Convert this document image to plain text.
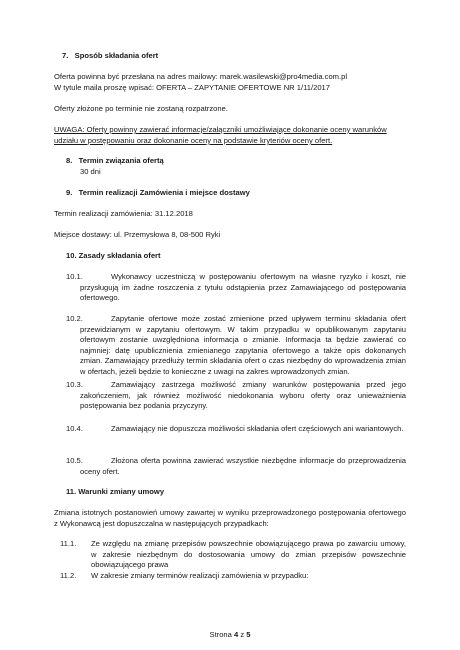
7.   Sposób składania ofert
Oferta powinna być przesłana na adres mailowy: marek.wasilewski@pro4media.com.pl
W tytule maila proszę wpisać: OFERTA – ZAPYTANIE OFERTOWE NR 1/11/2017
Oferty złożone po terminie nie zostaną rozpatrzone.
UWAGA: Oferty powinny zawierać informacje/załączniki umożliwiające dokonanie oceny warunków
udziału w postępowaniu oraz dokonanie oceny na podstawie kryteriów oceny ofert.
8.   Termin związania ofertą
30 dni
9.   Termin realizacji Zamówienia i miejsce dostawy
Termin realizacji zamówienia: 31.12.2018
Miejsce dostawy: ul. Przemysłowa 8, 08-500 Ryki
10. Zasady składania ofert
10.1.	Wykonawcy uczestniczą w postępowaniu ofertowym na własne ryzyko i koszt, nie przysługują im żadne roszczenia z tytułu odstąpienia przez Zamawiającego od postępowania ofertowego.
10.2.	Zapytanie ofertowe może zostać zmienione przed upływem terminu składania ofert przewidzianym w zapytaniu ofertowym. W takim przypadku w opublikowanym zapytaniu ofertowym zostanie uwzględniona informacja o zmianie. Informacja ta będzie zawierać co najmniej: datę upublicznienia zmienianego zapytania ofertowego a także opis dokonanych zmian. Zamawiający przedłuży termin składania ofert o czas niezbędny do wprowadzenia zmian w ofertach, jeżeli będzie to konieczne z uwagi na zakres wprowadzonych zmian.
10.3.	Zamawiający zastrzega możliwość zmiany warunków postępowania przed jego zakończeniem, jak również możliwość niedokonania wyboru oferty oraz unieważnienia postępowania bez podania przyczyny.
10.4.	Zamawiający nie dopuszcza możliwości składania ofert częściowych ani wariantowych.
10.5.	Złożona oferta powinna zawierać wszystkie niezbędne informacje do przeprowadzenia oceny ofert.
11. Warunki zmiany umowy
Zmiana istotnych postanowień umowy zawartej w wyniku przeprowadzonego postępowania ofertowego z Wykonawcą jest dopuszczalna w następujących przypadkach:
11.1. Ze względu na zmianę przepisów powszechnie obowiązującego prawa po zawarciu umowy, w zakresie niezbędnym do dostosowania umowy do zmian przepisów powszechnie obowiązującego prawa
11.2. W zakresie zmiany terminów realizacji zamówienia w przypadku:
Strona 4 z 5
